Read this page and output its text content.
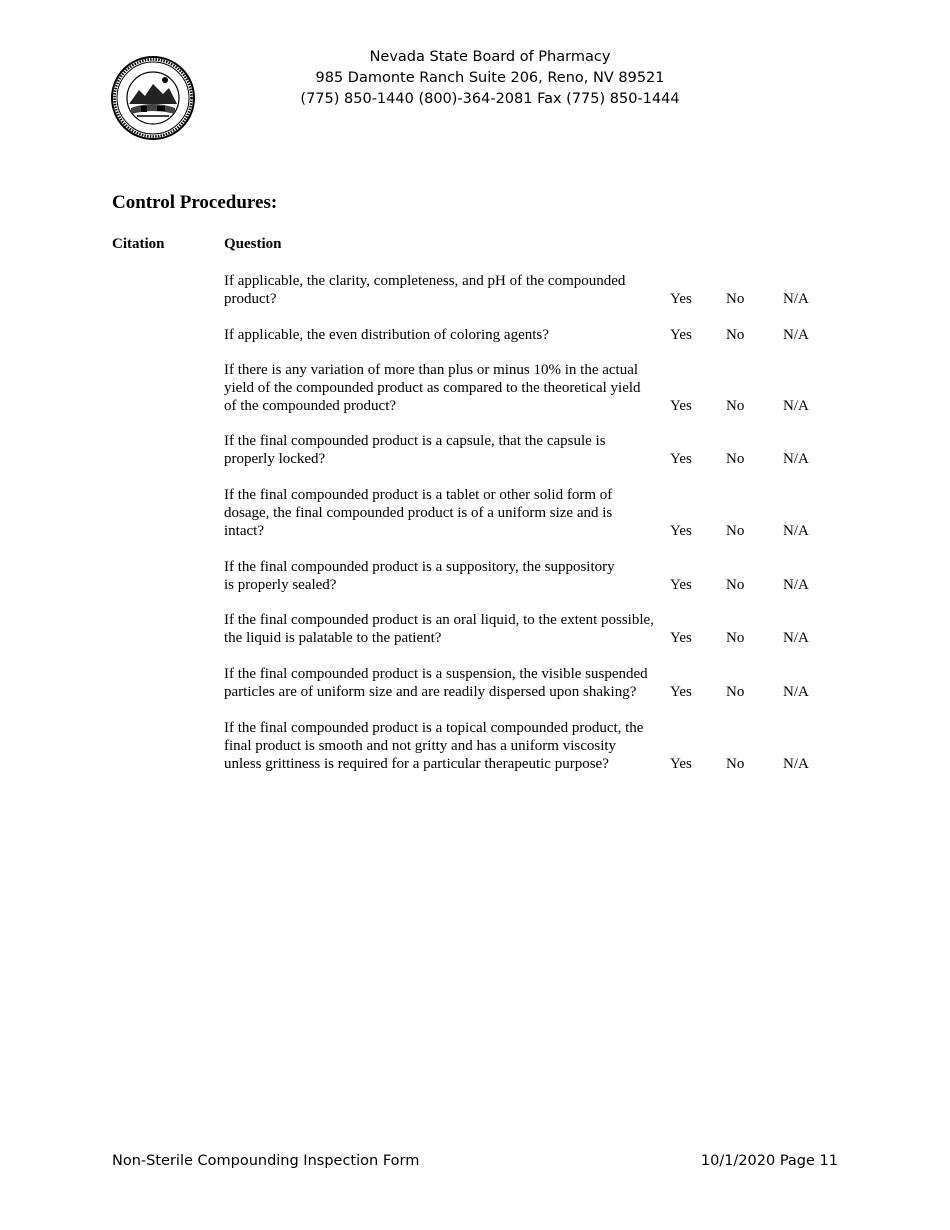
Nevada State Board of Pharmacy
985 Damonte Ranch Suite 206, Reno, NV 89521
(775) 850-1440 (800)-364-2081 Fax (775) 850-1444
Control Procedures:
Citation	Question
If applicable, the clarity, completeness, and pH of the compounded
product?	Yes No	N/A
If applicable, the even distribution of coloring agents?	Yes No	N/A
If there is any variation of more than plus or minus 10% in the actual
yield of the compounded product as compared to the theoretical yield
of the compounded product?	Yes No	N/A
If the final compounded product is a capsule, that the capsule is
properly locked?	Yes No	N/A
If the final compounded product is a tablet or other solid form of
dosage, the final compounded product is of a uniform size and is
intact?	Yes No	N/A
If the final compounded product is a suppository, the suppository
is properly sealed?	Yes No	N/A
If the final compounded product is an oral liquid, to the extent possible,
the liquid is palatable to the patient?	Yes No	N/A
If the final compounded product is a suspension, the visible suspended
particles are of uniform size and are readily dispersed upon shaking?	Yes No	N/A
If the final compounded product is a topical compounded product, the
final product is smooth and not gritty and has a uniform viscosity
unless grittiness is required for a particular therapeutic purpose?	Yes No	N/A
Non-Sterile Compounding Inspection Form	10/1/2020 Page 11
